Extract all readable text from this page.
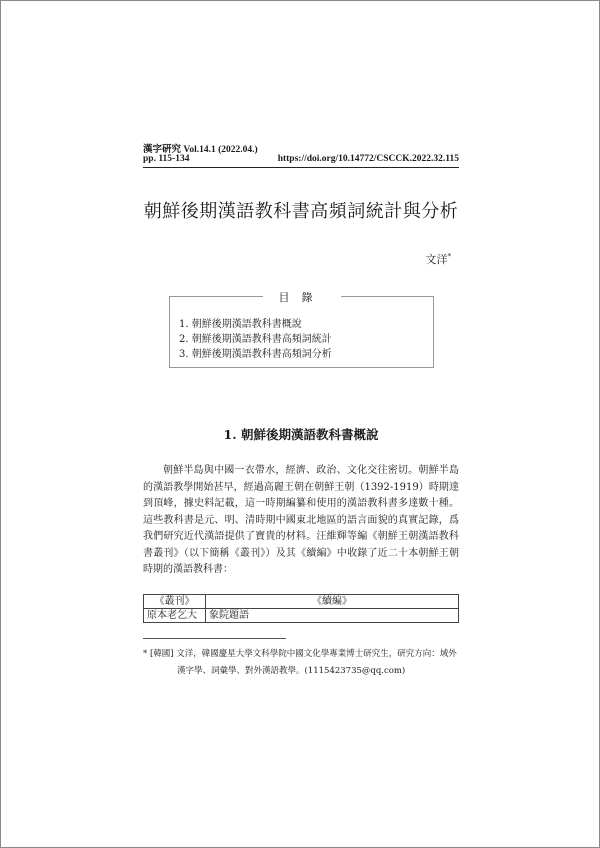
漢字硏究 Vol.14.1 (2022.04.)
pp. 115-134	https://doi.org/10.14772/CSCCK.2022.32.115
朝鮮後期漢語教科書高頻詞統計與分析
文洋*
目錄
1. 朝鮮後期漢語教科書概說
2. 朝鮮後期漢語教科書高頻詞統計
3. 朝鮮後期漢語教科書高頻詞分析
1. 朝鮮後期漢語教科書概說
朝鮮半島與中國一衣帶水，經濟、政治、文化交往密切。朝鮮半島的漢語教學開始甚早，經過高麗王朝在朝鮮王朝（1392-1919）時期達到頂峰，據史料記載，這一時期編纂和使用的漢語教科書多達數十種。這些教科書是元、明、清時期中國東北地區的語言面貌的真實記錄，爲我們研究近代漢語提供了寶貴的材料。汪維輝等編《朝鮮王朝漢語教科書叢刊》（以下簡稱《叢刊》）及其《續編》中收錄了近二十本朝鮮王朝時期的漢語教科書：
《叢刊》	《續編》
原本老乞大	象院題語
* [韓國] 文洋，韓國慶星大學文科學院中國文化學專業博士研究生，研究方向：域外
漢字學、詞彙學、對外漢語教學。(1115423735@qq.com)
